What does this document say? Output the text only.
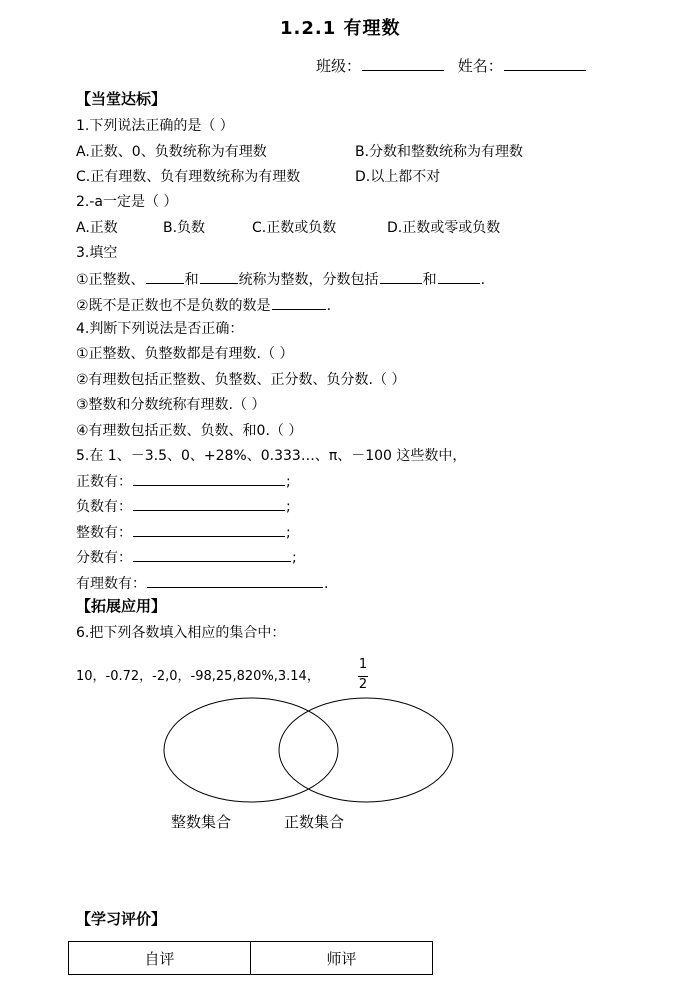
1.2.1 有理数
班级：	姓名：
【当堂达标】
1.下列说法正确的是（ ）
A.正数、0、负数统称为有理数	B.分数和整数统称为有理数
C.正有理数、负有理数统称为有理数	D.以上都不对
2.-a一定是（ ）
A.正数	B.负数	C.正数或负数	D.正数或零或负数
3.填空
①正整数、	和	统称为整数，分数包括	和	.
②既不是正数也不是负数的数是	.
4.判断下列说法是否正确：
①正整数、负整数都是有理数.（ ）
②有理数包括正整数、负整数、正分数、负分数.（ ）
③整数和分数统称有理数.（ ）
④有理数包括正数、负数、和0.（ ）
5.在 1、－3.5、0、+28%、0.333…、π、－100 这些数中，
正数有：	;
负数有：	;
整数有：	;
分数有：	;
有理数有：	.
【拓展应用】
6.把下列各数填入相应的集合中：
10，-0.72，-2,0，-98,25,820%,3.14，
1
2
整数集合	正数集合
【学习评价】
自评	师评
